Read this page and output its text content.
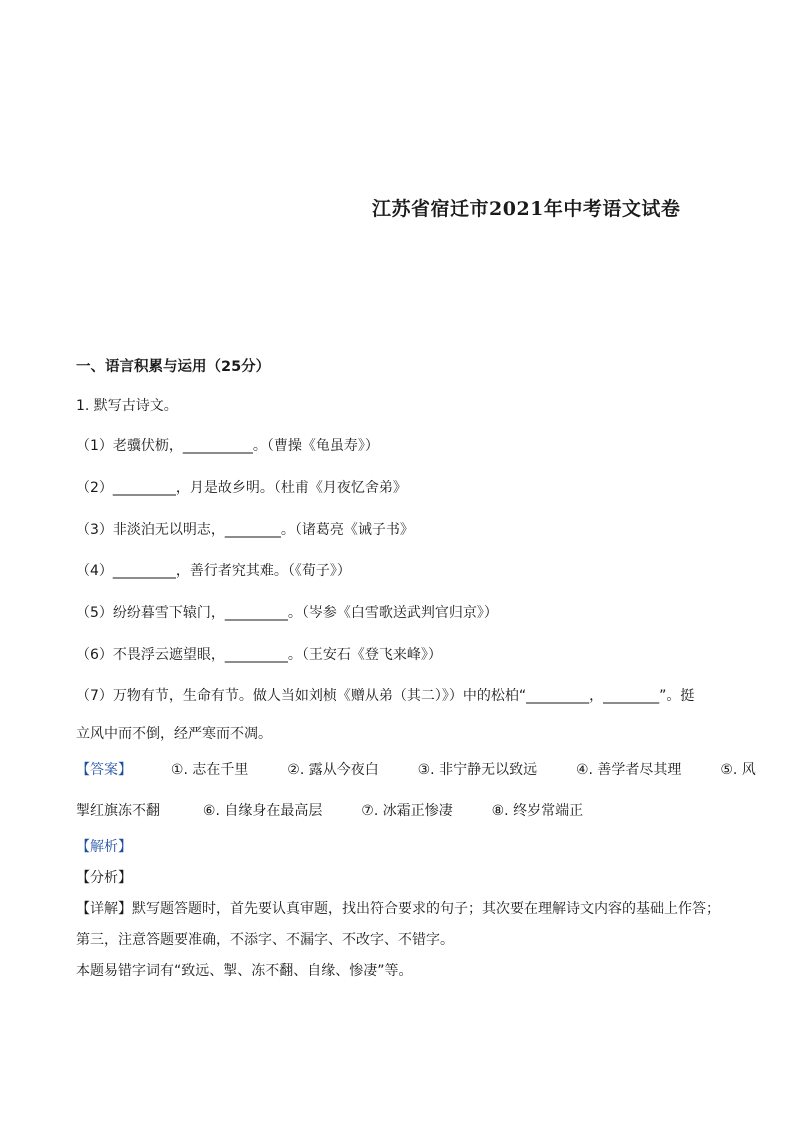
江苏省宿迁市2021年中考语文试卷
一、语言积累与运用（25分）
1. 默写古诗文。
（1）老骥伏枥，__________。（曹操《龟虽寿》）
（2）_________，月是故乡明。（杜甫《月夜忆舍弟》
（3）非淡泊无以明志，________。（诸葛亮《诫子书》
（4）_________，善行者究其难。（《荀子》）
（5）纷纷暮雪下辕门，_________。（岑参《白雪歌送武判官归京》）
（6）不畏浮云遮望眼，_________。（王安石《登飞来峰》）
（7）万物有节，生命有节。做人当如刘桢《赠从弟（其二）》）中的松柏“_________，________”。挺
立风中而不倒，经严寒而不凋。
【答案】	①. 志在千里	②. 露从今夜白	③. 非宁静无以致远	④. 善学者尽其理	⑤. 风
掣红旗冻不翻	⑥. 自缘身在最高层	⑦. 冰霜正惨凄	⑧. 终岁常端正
【解析】
【分析】
【详解】默写题答题时，首先要认真审题，找出符合要求的句子；其次要在理解诗文内容的基础上作答；
第三，注意答题要准确，不添字、不漏字、不改字、不错字。
本题易错字词有“致远、掣、冻不翻、自缘、惨凄”等。
